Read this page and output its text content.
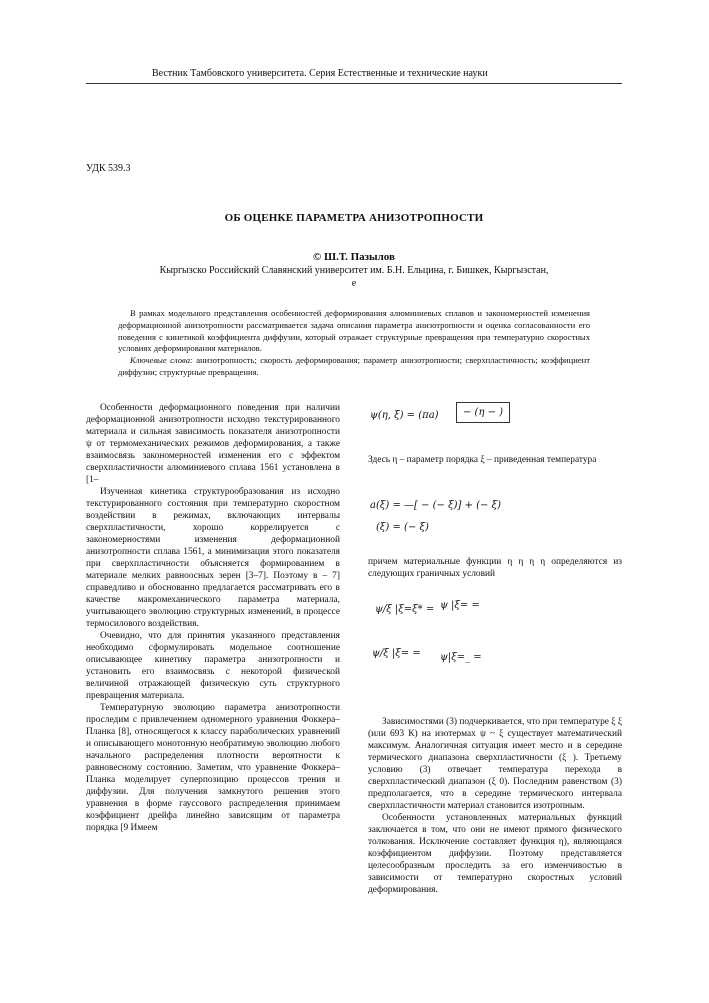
Вестник Тамбовского университета. Серия Естественные и технические науки
УДК 539.3
ОБ ОЦЕНКЕ ПАРАМЕТРА АНИЗОТРОПНОСТИ
© Ш.Т. Пазылов
Кыргызско Российский Славянский университет им. Б.Н. Ельцина, г. Бишкек, Кыргызстан,
e

В рамках модельного представления особенностей деформирования алюминиевых сплавов и закономерностей изменения деформационной анизотропности рассматривается задача описания параметра анизотропности и оценка согласованности его поведения с кинетикой коэффициента диффузии, который отражает структурные превращения при температурно скоростных условиях деформирования материалов.

Ключевые слова: анизотропность; скорость деформирования; параметр анизотропности; сверхпластичность; коэффициент диффузии; структурные превращения.

Особенности деформационного поведения при наличии деформационной анизотропности исходно текстурированного материала и сильная зависимость показателя анизотропности ψ от термомеханических режимов деформирования, а также взаимосвязь закономерностей изменения его с эффектом сверхпластичности алюминиевого сплава 1561 установлена в [1–

Изученная кинетика структурообразования из исходно текстурированного состояния при температурно скоростном воздействии в режимах, включающих интервалы сверхпластичности, хорошо коррелируется с закономерностями изменения деформационной анизотропности сплава 1561, а минимизация этого показателя при сверхпластичности объясняется формированием в материале мелких равноосных зерен [3–7]. Поэтому в – 7] справедливо и обоснованно предлагается рассматривать его в качестве макромеханического параметра материала, учитывающего эволюцию структурных изменений, в процессе термосилового воздействия.

Очевидно, что для принятия указанного представления необходимо сформулировать модельное соотношение описывающее кинетику параметра анизотропности и установить его взаимосвязь с некоторой физической величиной отражающей физическую суть структурного превращения материала.

Температурную эволюцию параметра анизотропности проследим с привлечением одномерного уравнения Фоккера–Планка [8], относящегося к классу параболических уравнений и описывающего монотонную необратимую эволюцию любого начального распределения плотности вероятности к равновесному состоянию. Заметим, что уравнение Фоккера–Планка моделирует суперпозицию процессов трения и диффузии. Для получения замкнутого решения этого уравнения в форме гауссового распределения принимаем коэффициент дрейфа линейно зависящим от параметра порядка [9 Имеем

ψ(η, ξ) = (πa)	− (η − )

Здесь η – параметр порядка ξ – приведенная температура

a(ξ) = —[ − (− ξ)] + (− ξ)
(ξ) = (− ξ)

причем материальные функции η η η η определяются из следующих граничных условий

ψ/ξ |ξ=ξ* = ψ |ξ= =
ψ/ξ |ξ= = ψ|ξ=_ =

Зависимостями (3) подчеркивается, что при температуре ξ ξ (или 693 К) на изотермах ψ ~ ξ существует математический максимум. Аналогичная ситуация имеет место и в середине термического диапазона сверхпластичности (ξ ). Третьему условию (3) отвечает температура перехода в сверхпластический диапазон (ξ 0). Последним равенством (3) предполагается, что в середине термического интервала сверхпластичности материал становится изотропным.

Особенности установленных материальных функций заключается в том, что они не имеют прямого физического толкования. Исключение составляет функция η), являющаяся коэффициентом диффузии. Поэтому представляется целесообразным проследить за его изменчивостью в зависимости от температурно скоростных условий деформирования.
